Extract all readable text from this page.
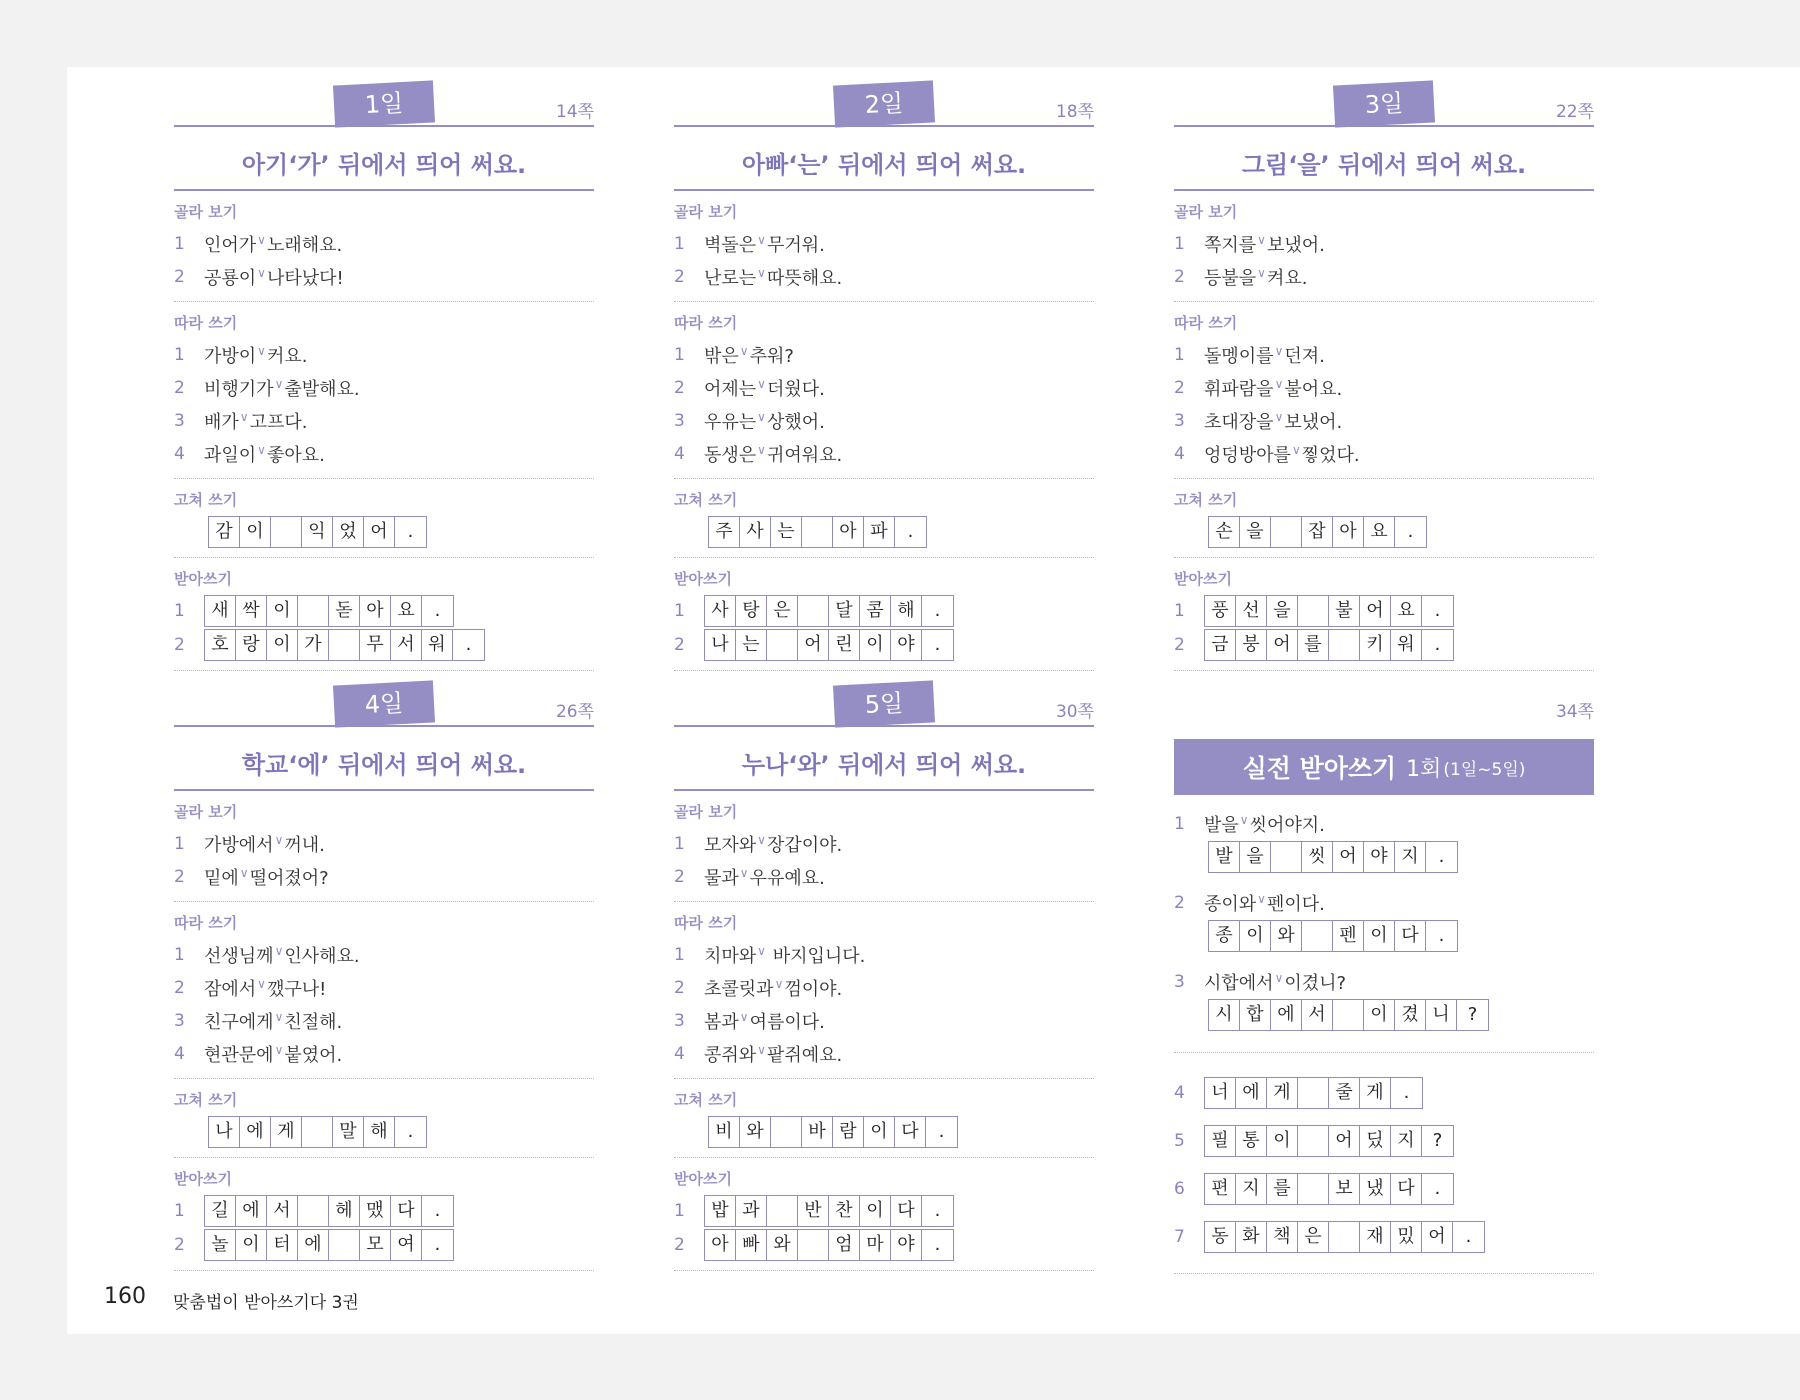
1일	14쪽
아기‘가’ 뒤에서 띄어 써요.
골라 보기
1	인어가∨노래해요.
2	공룡이∨나타났다!
따라 쓰기
1	가방이∨커요.
2	비행기가∨출발해요.
3	배가∨고프다.
4	과일이∨좋아요.
고쳐 쓰기
감 이	익 었 어	.
받아쓰기
1	새 싹 이	돋 아 요	.
2	호 랑 이 가	무 서 워	.
2일	18쪽
아빠‘는’ 뒤에서 띄어 써요.
골라 보기
1	벽돌은∨무거워.
2	난로는∨따뜻해요.
따라 쓰기
1	밖은∨추워?
2	어제는∨더웠다.
3	우유는∨상했어.
4	동생은∨귀여워요.
고쳐 쓰기
주 사 는	아 파	.
받아쓰기
1	사 탕 은	달 콤 해	.
2	나 는	어 린 이 야	.
3일	22쪽
그림‘을’ 뒤에서 띄어 써요.
골라 보기
1	쪽지를∨보냈어.
2	등불을∨켜요.
따라 쓰기
1	돌멩이를∨던져.
2	휘파람을∨불어요.
3	초대장을∨보냈어.
4	엉덩방아를∨찧었다.
고쳐 쓰기
손 을	잡 아 요	.
받아쓰기
1	풍 선 을	불 어 요	.
2	금 붕 어 를	키 워	.
4일	26쪽
학교‘에’ 뒤에서 띄어 써요.
골라 보기
1	가방에서∨꺼내.
2	밑에∨떨어졌어?
따라 쓰기
1	선생님께∨인사해요.
2	잠에서∨깼구나!
3	친구에게∨친절해.
4	현관문에∨붙였어.
고쳐 쓰기
나 에 게	말 해	.
받아쓰기
1	길 에 서	헤 맸 다	.
2	놀 이 터 에	모 여	.
5일	30쪽
누나‘와’ 뒤에서 띄어 써요.
골라 보기
1	모자와∨장갑이야.
2	물과∨우유예요.
따라 쓰기
1	치마와∨ 바지입니다.
2	초콜릿과∨껌이야.
3	봄과∨여름이다.
4	콩쥐와∨팥쥐예요.
고쳐 쓰기
비 와	바 람 이 다	.
받아쓰기
1	밥 과	반 찬 이 다	.
2	아 빠 와	엄 마 야	.
34쪽
실전 받아쓰기 1회 (1일~5일)
1	발을∨씻어야지.
발 을	씻 어 야 지	.
2	종이와∨펜이다.
종 이 와	펜 이 다	.
3	시합에서∨이겼니?
시 합 에 서	이 겼 니	?
4	너 에 게	줄 게	.
5	필 통 이	어 딨 지	?
6	편 지 를	보 냈 다	.
7	동 화 책 은	재 밌 어	.
160 맞춤법이 받아쓰기다 3권
